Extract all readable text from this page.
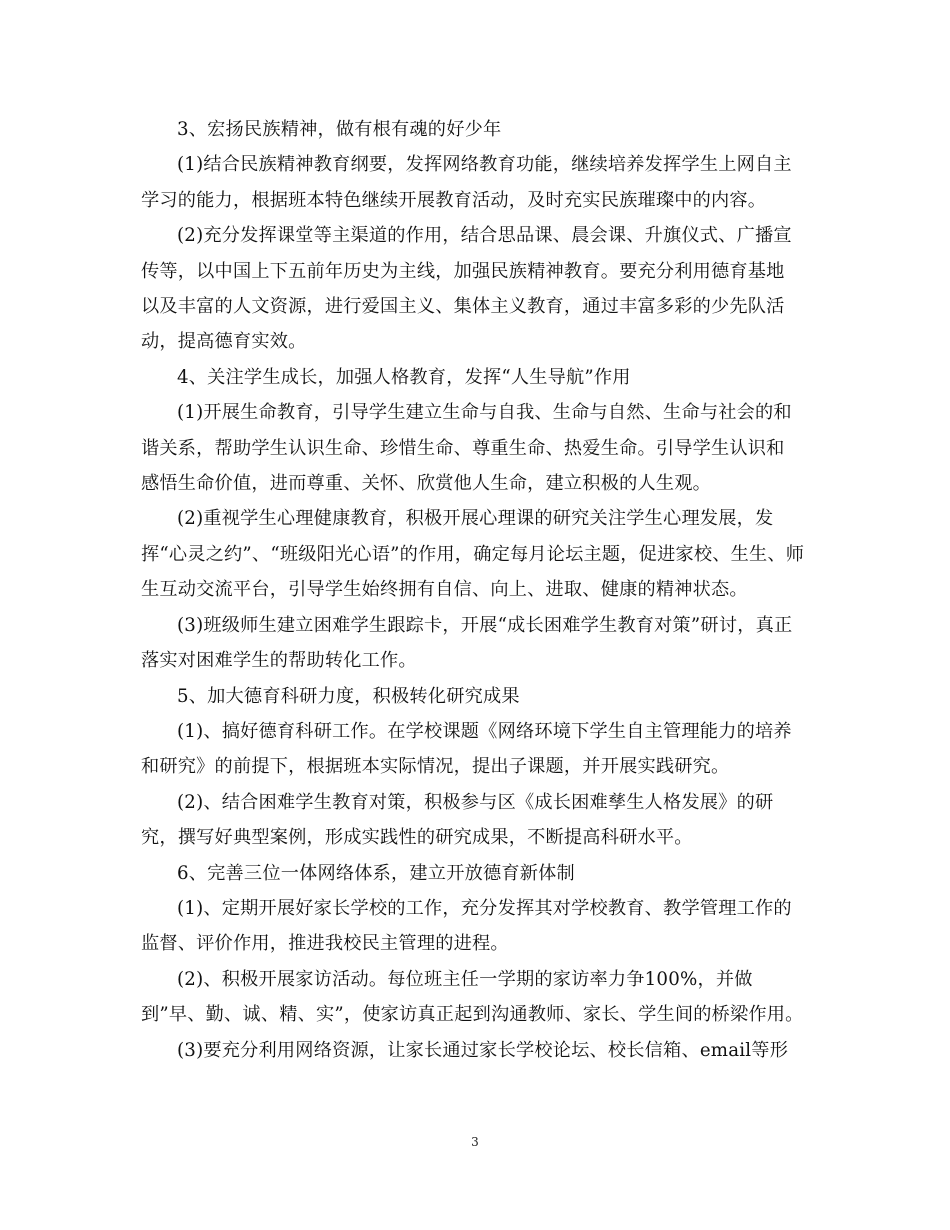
3、宏扬民族精神，做有根有魂的好少年
(1)结合民族精神教育纲要，发挥网络教育功能，继续培养发挥学生上网自主
学习的能力，根据班本特色继续开展教育活动，及时充实民族璀璨中的内容。
(2)充分发挥课堂等主渠道的作用，结合思品课、晨会课、升旗仪式、广播宣
传等，以中国上下五前年历史为主线，加强民族精神教育。要充分利用德育基地
以及丰富的人文资源，进行爱国主义、集体主义教育，通过丰富多彩的少先队活
动，提高德育实效。
4、关注学生成长，加强人格教育，发挥“人生导航”作用
(1)开展生命教育，引导学生建立生命与自我、生命与自然、生命与社会的和
谐关系，帮助学生认识生命、珍惜生命、尊重生命、热爱生命。引导学生认识和
感悟生命价值，进而尊重、关怀、欣赏他人生命，建立积极的人生观。
(2)重视学生心理健康教育，积极开展心理课的研究关注学生心理发展，发
挥“心灵之约”、“班级阳光心语”的作用，确定每月论坛主题，促进家校、生生、师
生互动交流平台，引导学生始终拥有自信、向上、进取、健康的精神状态。
(3)班级师生建立困难学生跟踪卡，开展“成长困难学生教育对策”研讨，真正
落实对困难学生的帮助转化工作。
5、加大德育科研力度，积极转化研究成果
(1)、搞好德育科研工作。在学校课题《网络环境下学生自主管理能力的培养
和研究》的前提下，根据班本实际情况，提出子课题，并开展实践研究。
(2)、结合困难学生教育对策，积极参与区《成长困难孳生人格发展》的研
究，撰写好典型案例，形成实践性的研究成果，不断提高科研水平。
6、完善三位一体网络体系，建立开放德育新体制
(1)、定期开展好家长学校的工作，充分发挥其对学校教育、教学管理工作的
监督、评价作用，推进我校民主管理的进程。
(2)、积极开展家访活动。每位班主任一学期的家访率力争100%，并做
到”早、勤、诚、精、实”，使家访真正起到沟通教师、家长、学生间的桥梁作用。
(3)要充分利用网络资源，让家长通过家长学校论坛、校长信箱、email等形
3
